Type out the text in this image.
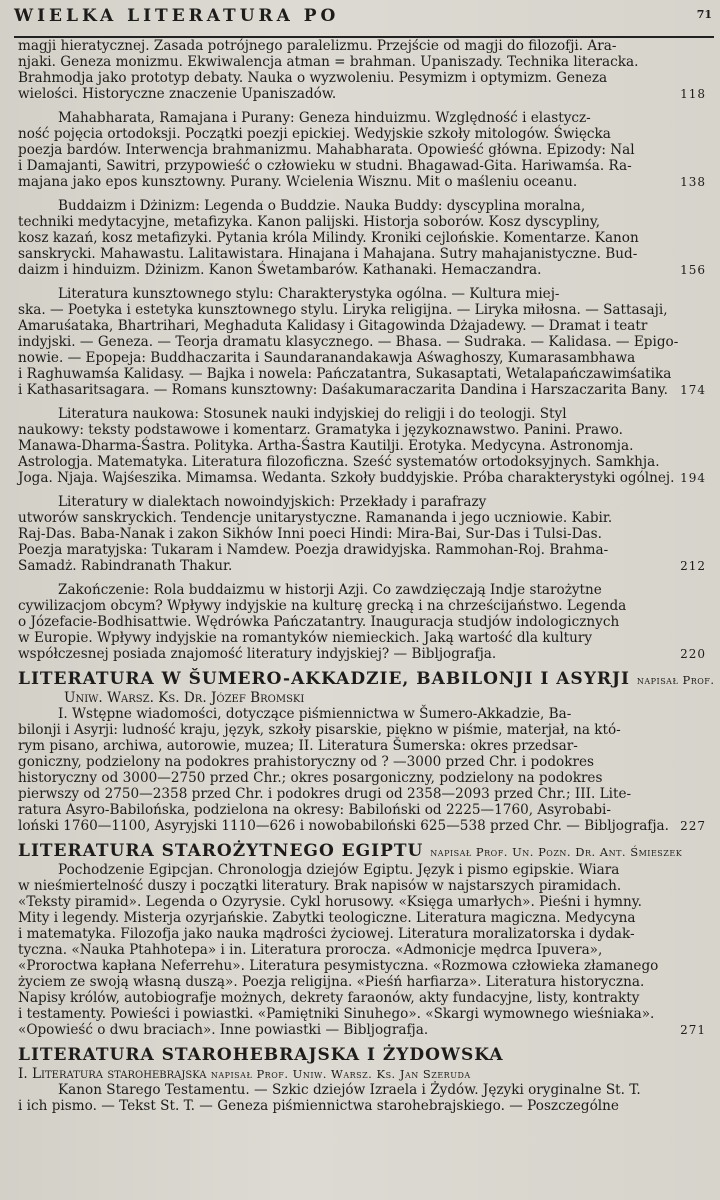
WIELKA LITERATURA PO	71
magji hieratycznej. Zasada potrójnego paralelizmu. Przejście od magji do filozofji. Ara-
njaki. Geneza monizmu. Ekwiwalencja atman = brahman. Upaniszady. Technika literacka.
Brahmodja jako prototyp debaty. Nauka o wyzwoleniu. Pesymizm i optymizm. Geneza
wielości. Historyczne znaczenie Upaniszadów.	118
Mahabharata, Ramajana i Purany: Geneza hinduizmu. Względność i elastycz-
ność pojęcia ortodoksji. Początki poezji epickiej. Wedyjskie szkoły mitologów. Święcka
poezja bardów. Interwencja brahmanizmu. Mahabharata. Opowieść główna. Epizody: Nal
i Damajanti, Sawitri, przypowieść o człowieku w studni. Bhagawad-Gita. Hariwamśa. Ra-
majana jako epos kunsztowny. Purany. Wcielenia Wisznu. Mit o maśleniu oceanu.	138
Buddaizm i Dżinizm: Legenda o Buddzie. Nauka Buddy: dyscyplina moralna,
techniki medytacyjne, metafizyka. Kanon palijski. Historja soborów. Kosz dyscypliny,
kosz kazań, kosz metafizyki. Pytania króla Milindy. Kroniki cejlońskie. Komentarze. Kanon
sanskrycki. Mahawastu. Lalitawistara. Hinajana i Mahajana. Sutry mahajanistyczne. Bud-
daizm i hinduizm. Dżinizm. Kanon Śwetambarów. Kathanaki. Hemaczandra.	156
Literatura kunsztownego stylu: Charakterystyka ogólna. — Kultura miej-
ska. — Poetyka i estetyka kunsztownego stylu. Liryka religijna. — Liryka miłosna. — Sattasaji,
Amaruśataka, Bhartrihari, Meghaduta Kalidasy i Gitagowinda Dżajadewy. — Dramat i teatr
indyjski. — Geneza. — Teorja dramatu klasycznego. — Bhasa. — Sudraka. — Kalidasa. — Epigo-
nowie. — Epopeja: Buddhaczarita i Saundaranandakawja Aśwaghoszy, Kumarasambhawa
i Raghuwamśa Kalidasy. — Bajka i nowela: Pańczatantra, Sukasaptati, Wetalapańczawimśatika
i Kathasaritsagara. — Romans kunsztowny: Daśakumaraczarita Dandina i Harszaczarita Bany. 174
Literatura naukowa: Stosunek nauki indyjskiej do religji i do teologji. Styl
naukowy: teksty podstawowe i komentarz. Gramatyka i językoznawstwo. Panini. Prawo.
Manawa-Dharma-Śastra. Polityka. Artha-Śastra Kautilji. Erotyka. Medycyna. Astronomja.
Astrologja. Matematyka. Literatura filozoficzna. Sześć systematów ortodoksyjnych. Samkhja.
Joga. Njaja. Wajśeszika. Mimamsa. Wedanta. Szkoły buddyjskie. Próba charakterystyki ogólnej. 194
Literatury w dialektach nowoindyjskich: Przekłady i parafrazy
utworów sanskryckich. Tendencje unitarystyczne. Ramananda i jego uczniowie. Kabir.
Raj-Das. Baba-Nanak i zakon Sikhów Inni poeci Hindi: Mira-Bai, Sur-Das i Tulsi-Das.
Poezja maratyjska: Tukaram i Namdew. Poezja drawidyjska. Rammohan-Roj. Brahma-
Samadż. Rabindranath Thakur.	212
Zakończenie: Rola buddaizmu w historji Azji. Co zawdzięczają Indje starożytne
cywilizacjom obcym? Wpływy indyjskie na kulturę grecką i na chrześcijaństwo. Legenda
o Józefacie-Bodhisattwie. Wędrówka Pańczatantry. Inauguracja studjów indologicznych
w Europie. Wpływy indyjskie na romantyków niemieckich. Jaką wartość dla kultury
współczesnej posiada znajomość literatury indyjskiej? — Bibljografja.	220
LITERATURA W ŠUMERO-AKKADZIE, BABILONJI I ASYRJI napisał Prof.
Uniw. Warsz. Ks. Dr. Józef Bromski
I. Wstępne wiadomości, dotyczące piśmiennictwa w Šumero-Akkadzie, Ba-
bilonji i Asyrji: ludność kraju, język, szkoły pisarskie, piękno w piśmie, materjał, na któ-
rym pisano, archiwa, autorowie, muzea; II. Literatura Šumerska: okres przedsar-
goniczny, podzielony na podokres prahistoryczny od ? —3000 przed Chr. i podokres
historyczny od 3000—2750 przed Chr.; okres posargoniczny, podzielony na podokres
pierwszy od 2750—2358 przed Chr. i podokres drugi od 2358—2093 przed Chr.; III. Lite-
ratura Asyro-Babilońska, podzielona na okresy: Babiloński od 2225—1760, Asyrobabi-
loński 1760—1100, Asyryjski 1110—626 i nowobabiloński 625—538 przed Chr. — Bibljografja. 227
LITERATURA STAROŻYTNEGO EGIPTU napisał Prof. Un. Pozn. Dr. Ant. Śmieszek
Pochodzenie Egipcjan. Chronologja dziejów Egiptu. Język i pismo egipskie. Wiara
w nieśmiertelność duszy i początki literatury. Brak napisów w najstarszych piramidach.
«Teksty piramid». Legenda o Ozyrysie. Cykl horusowy. «Księga umarłych». Pieśni i hymny.
Mity i legendy. Misterja ozyrjańskie. Zabytki teologiczne. Literatura magiczna. Medycyna
i matematyka. Filozofja jako nauka mądrości życiowej. Literatura moralizatorska i dydak-
tyczna. «Nauka Ptahhotepa» i in. Literatura proroczа. «Admonicje mędrca Ipuvera»,
«Proroctwa kapłana Neferrehu». Literatura pesymistyczna. «Rozmowa człowieka złamanego
życiem ze swoją własną duszą». Poezja religijna. «Pieśń harfiarza». Literatura historyczna.
Napisy królów, autobiografje możnych, dekrety faraonów, akty fundacyjne, listy, kontrakty
i testamenty. Powieści i powiastki. «Pamiętniki Sinuhego». «Skargi wymownego wieśniaka».
«Opowieść o dwu braciach». Inne powiastki — Bibljografja.	271
LITERATURA STAROHEBRAJSKA I ŻYDOWSKA
I. Literatura starohebrajska napisał Prof. Uniw. Warsz. Ks. Jan Szeruda
Kanon Starego Testamentu. — Szkic dziejów Izraela i Żydów. Języki oryginalne St. T.
i ich pismo. — Tekst St. T. — Geneza piśmiennictwa starohebrajskiego. — Poszczególne
